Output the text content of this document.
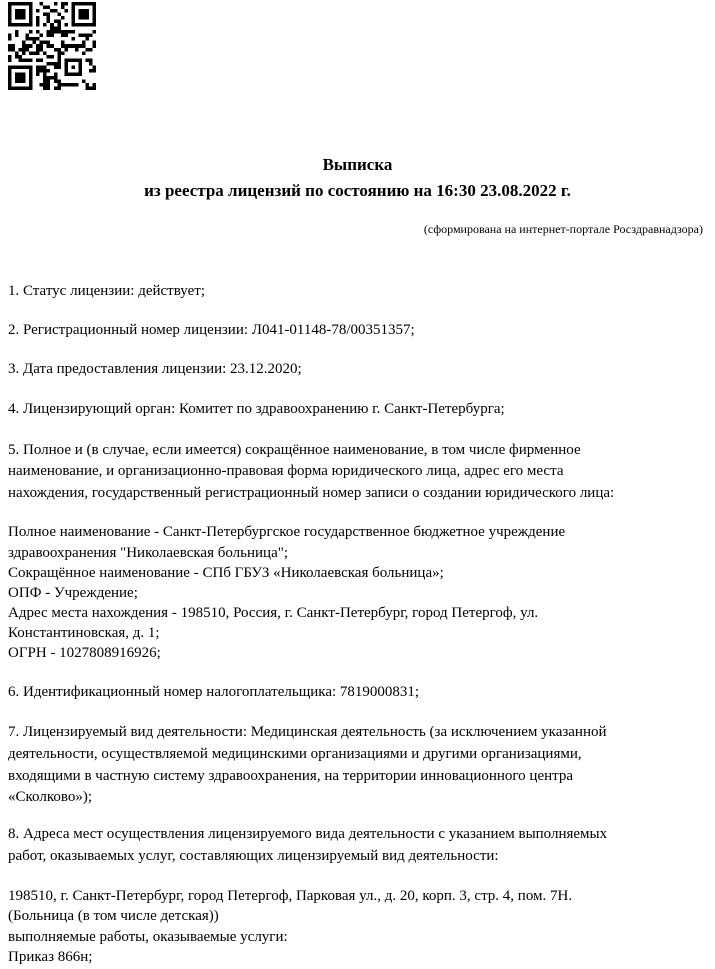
Выписка
из реестра лицензий по состоянию на 16:30 23.08.2022 г.
(сформирована на интернет-портале Росздравнадзора)
1. Статус лицензии: действует;
2. Регистрационный номер лицензии: Л041-01148-78/00351357;
3. Дата предоставления лицензии: 23.12.2020;
4. Лицензирующий орган: Комитет по здравоохранению г. Санкт-Петербурга;
5. Полное и (в случае, если имеется) сокращённое наименование, в том числе фирменное
наименование, и организационно-правовая форма юридического лица, адрес его места
нахождения, государственный регистрационный номер записи о создании юридического лица:
Полное наименование - Санкт-Петербургское государственное бюджетное учреждение
здравоохранения "Николаевская больница";
Сокращённое наименование - СПб ГБУЗ «Николаевская больница»;
ОПФ - Учреждение;
Адрес места нахождения - 198510, Россия, г. Санкт-Петербург, город Петергоф, ул.
Константиновская, д. 1;
ОГРН - 1027808916926;
6. Идентификационный номер налогоплательщика: 7819000831;
7. Лицензируемый вид деятельности: Медицинская деятельность (за исключением указанной
деятельности, осуществляемой медицинскими организациями и другими организациями,
входящими в частную систему здравоохранения, на территории инновационного центра
«Сколково»);
8. Адреса мест осуществления лицензируемого вида деятельности с указанием выполняемых
работ, оказываемых услуг, составляющих лицензируемый вид деятельности:
198510, г. Санкт-Петербург, город Петергоф, Парковая ул., д. 20, корп. 3, стр. 4, пом. 7Н.
(Больница (в том числе детская))
выполняемые работы, оказываемые услуги:
Приказ 866н;
